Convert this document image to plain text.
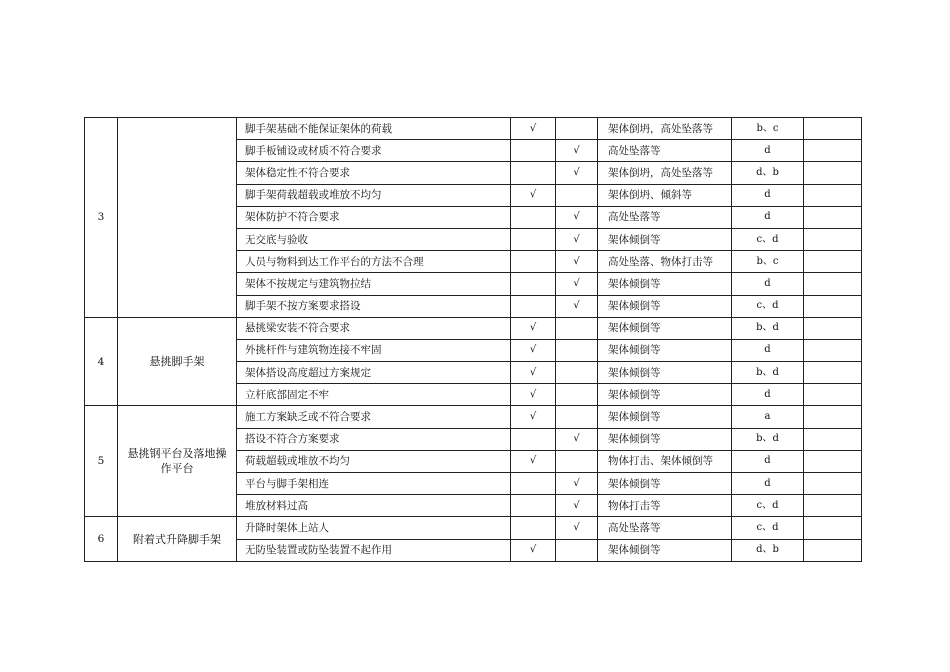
3		脚手架基础不能保证架体的荷载	√		架体倒坍，高处坠落等	b、c	
		脚手板铺设或材质不符合要求		√	高处坠落等	d	
		架体稳定性不符合要求		√	架体倒坍，高处坠落等	d、b	
		脚手架荷载超载或堆放不均匀	√		架体倒坍、倾斜等	d	
		架体防护不符合要求		√	高处坠落等	d	
		无交底与验收		√	架体倾倒等	c、d	
		人员与物料到达工作平台的方法不合理		√	高处坠落、物体打击等	b、c	
		架体不按规定与建筑物拉结		√	架体倾倒等	d	
		脚手架不按方案要求搭设		√	架体倾倒等	c、d	
4	悬挑脚手架	悬挑梁安装不符合要求	√		架体倾倒等	b、d	
		外挑杆件与建筑物连接不牢固	√		架体倾倒等	d	
		架体搭设高度超过方案规定	√		架体倾倒等	b、d	
		立杆底部固定不牢	√		架体倾倒等	d	
5	悬挑钢平台及落地操作平台	施工方案缺乏或不符合要求	√		架体倾倒等	a	
		搭设不符合方案要求		√	架体倾倒等	b、d	
		荷载超载或堆放不均匀	√		物体打击、架体倾倒等	d	
		平台与脚手架相连		√	架体倾倒等	d	
		堆放材料过高		√	物体打击等	c、d	
6	附着式升降脚手架	升降时架体上站人		√	高处坠落等	c、d	
		无防坠装置或防坠装置不起作用	√		架体倾倒等	d、b	
